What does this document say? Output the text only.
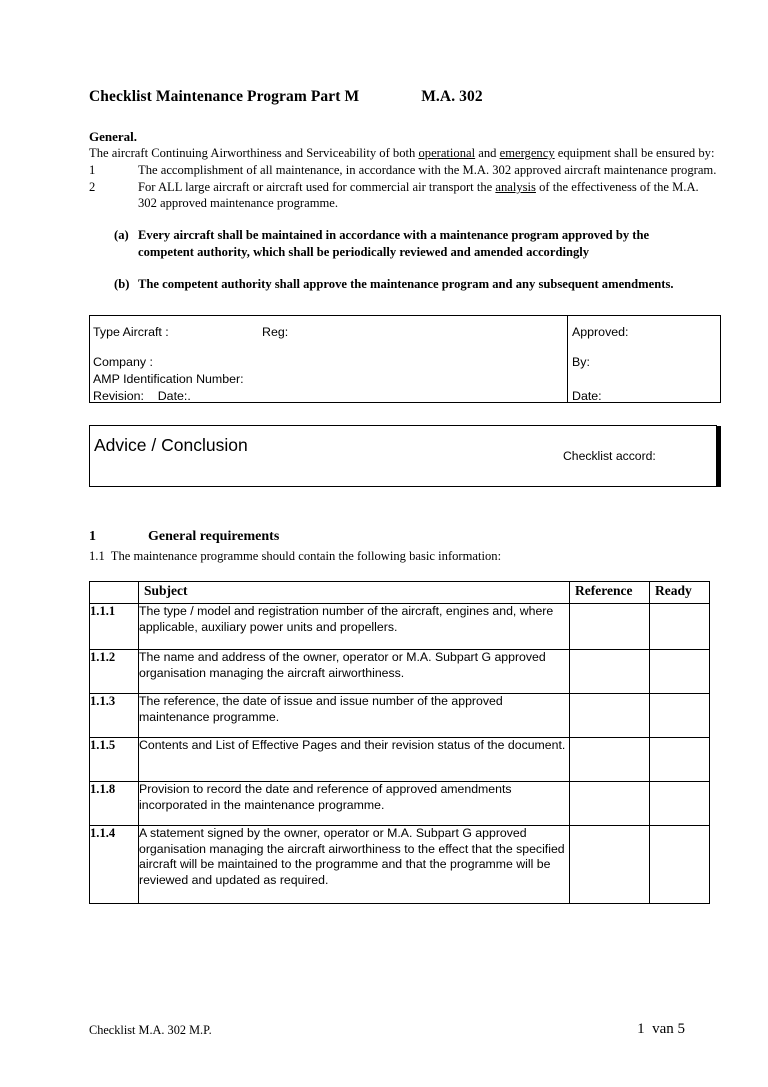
Checklist Maintenance Program Part M	M.A. 302
General.
The aircraft Continuing Airworthiness and Serviceability of both operational and emergency equipment shall be ensured by:
1	The accomplishment of all maintenance, in accordance with the M.A. 302 approved aircraft maintenance program.
2	For ALL large aircraft or aircraft used for commercial air transport the analysis of the effectiveness of the M.A. 302 approved maintenance programme.
(a) Every aircraft shall be maintained in accordance with a maintenance program approved by the competent authority, which shall be periodically reviewed and amended accordingly
(b) The competent authority shall approve the maintenance program and any subsequent amendments.
Type Aircraft :	Reg:
Company :
AMP Identification Number:
Revision:    Date:.
Approved:
By:
Date:
Advice / Conclusion
Checklist accord:
1	General requirements
1.1  The maintenance programme should contain the following basic information:
	Subject	Reference	Ready
1.1.1	The type / model and registration number of the aircraft, engines and, where applicable, auxiliary power units and propellers.		
1.1.2	The name and address of the owner, operator or M.A. Subpart G approved organisation managing the aircraft airworthiness.		
1.1.3	The reference, the date of issue and issue number of the approved maintenance programme.		
1.1.5	Contents and List of Effective Pages and their revision status of the document.		
1.1.8	Provision to record the date and reference of approved amendments incorporated in the maintenance programme.		
1.1.4	A statement signed by the owner, operator or M.A. Subpart G approved organisation managing the aircraft airworthiness to the effect that the specified aircraft will be maintained to the programme and that the programme will be reviewed and updated as required.		
Checklist M.A. 302 M.P.	1  van 5
